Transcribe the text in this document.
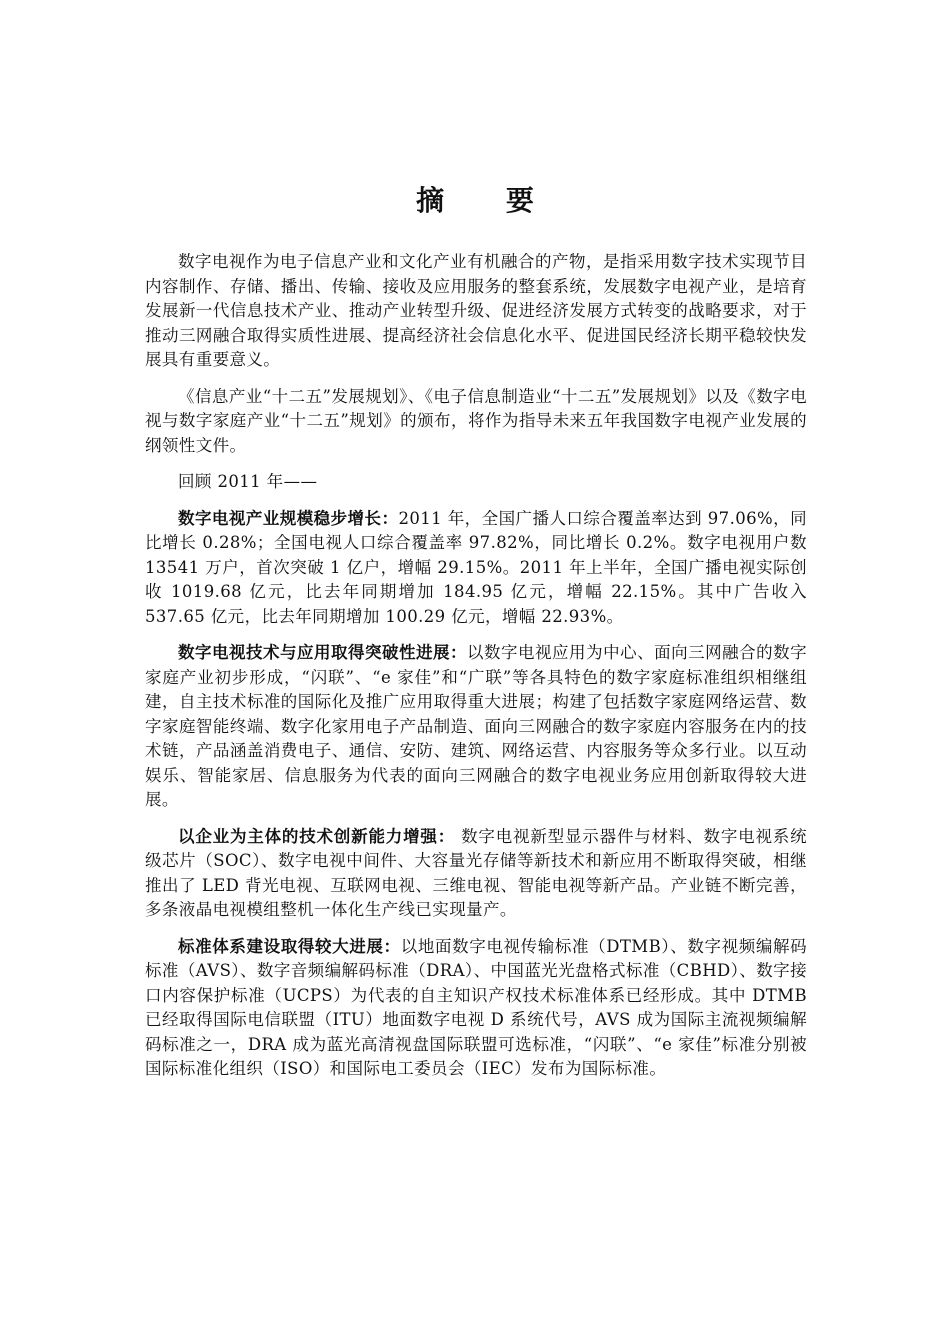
摘 要

数字电视作为电子信息产业和文化产业有机融合的产物，是指采用数字技术实现节目内容制作、存储、播出、传输、接收及应用服务的整套系统，发展数字电视产业，是培育发展新一代信息技术产业、推动产业转型升级、促进经济发展方式转变的战略要求，对于推动三网融合取得实质性进展、提高经济社会信息化水平、促进国民经济长期平稳较快发展具有重要意义。

《信息产业“十二五”发展规划》、《电子信息制造业“十二五”发展规划》以及《数字电视与数字家庭产业“十二五”规划》的颁布，将作为指导未来五年我国数字电视产业发展的纲领性文件。

回顾 2011 年——

数字电视产业规模稳步增长：2011 年，全国广播人口综合覆盖率达到 97.06%，同比增长 0.28%；全国电视人口综合覆盖率 97.82%，同比增长 0.2%。数字电视用户数 13541 万户，首次突破 1 亿户，增幅 29.15%。2011 年上半年，全国广播电视实际创收 1019.68 亿元，比去年同期增加 184.95 亿元，增幅 22.15%。其中广告收入 537.65 亿元，比去年同期增加 100.29 亿元，增幅 22.93%。

数字电视技术与应用取得突破性进展：以数字电视应用为中心、面向三网融合的数字家庭产业初步形成，“闪联”、“e 家佳”和“广联”等各具特色的数字家庭标准组织相继组建，自主技术标准的国际化及推广应用取得重大进展；构建了包括数字家庭网络运营、数字家庭智能终端、数字化家用电子产品制造、面向三网融合的数字家庭内容服务在内的技术链，产品涵盖消费电子、通信、安防、建筑、网络运营、内容服务等众多行业。以互动娱乐、智能家居、信息服务为代表的面向三网融合的数字电视业务应用创新取得较大进展。

以企业为主体的技术创新能力增强： 数字电视新型显示器件与材料、数字电视系统级芯片（SOC）、数字电视中间件、大容量光存储等新技术和新应用不断取得突破，相继推出了 LED 背光电视、互联网电视、三维电视、智能电视等新产品。产业链不断完善，多条液晶电视模组整机一体化生产线已实现量产。

标准体系建设取得较大进展：以地面数字电视传输标准（DTMB）、数字视频编解码标准（AVS）、数字音频编解码标准（DRA）、中国蓝光光盘格式标准（CBHD）、数字接口内容保护标准（UCPS）为代表的自主知识产权技术标准体系已经形成。其中 DTMB 已经取得国际电信联盟（ITU）地面数字电视 D 系统代号，AVS 成为国际主流视频编解码标准之一，DRA 成为蓝光高清视盘国际联盟可选标准，“闪联”、“e 家佳”标准分别被国际标准化组织（ISO）和国际电工委员会（IEC）发布为国际标准。
